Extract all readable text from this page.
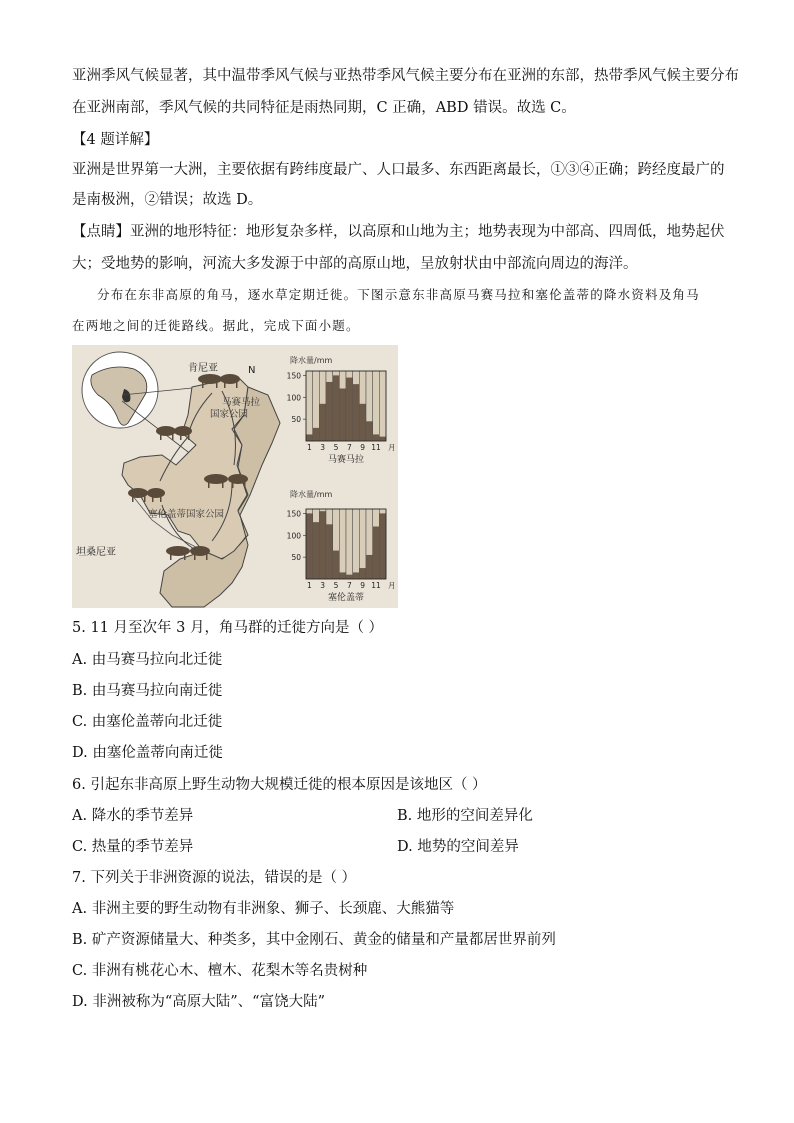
亚洲季风气候显著，其中温带季风气候与亚热带季风气候主要分布在亚洲的东部，热带季风气候主要分布
在亚洲南部，季风气候的共同特征是雨热同期，C 正确，ABD 错误。故选 C。
【4 题详解】
亚洲是世界第一大洲，主要依据有跨纬度最广、人口最多、东西距离最长，①③④正确；跨经度最广的
是南极洲，②错误；故选 D。
【点睛】亚洲的地形特征：地形复杂多样，以高原和山地为主；地势表现为中部高、四周低，地势起伏
大；受地势的影响，河流大多发源于中部的高原山地，呈放射状由中部流向周边的海洋。
分布在东非高原的角马，逐水草定期迁徙。下图示意东非高原马赛马拉和塞伦盖蒂的降水资料及角马
在两地之间的迁徙路线。据此，完成下面小题。
肯尼亚	N
马赛马拉
国家公园
塞伦盖蒂国家公园
坦桑尼亚
降水量/mm
50
100
150
1 3 5 7 9 11 月
马赛马拉
降水量/mm
50
100
150
1 3 5 7 9 11 月
塞伦盖蒂
5. 11 月至次年 3 月，角马群的迁徙方向是（ ）
A. 由马赛马拉向北迁徙
B. 由马赛马拉向南迁徙
C. 由塞伦盖蒂向北迁徙
D. 由塞伦盖蒂向南迁徙
6. 引起东非高原上野生动物大规模迁徙的根本原因是该地区（ ）
A. 降水的季节差异	B. 地形的空间差异化
C. 热量的季节差异	D. 地势的空间差异
7. 下列关于非洲资源的说法，错误的是（ ）
A. 非洲主要的野生动物有非洲象、狮子、长颈鹿、大熊猫等
B. 矿产资源储量大、种类多，其中金刚石、黄金的储量和产量都居世界前列
C. 非洲有桃花心木、檀木、花梨木等名贵树种
D. 非洲被称为“高原大陆”、“富饶大陆”
